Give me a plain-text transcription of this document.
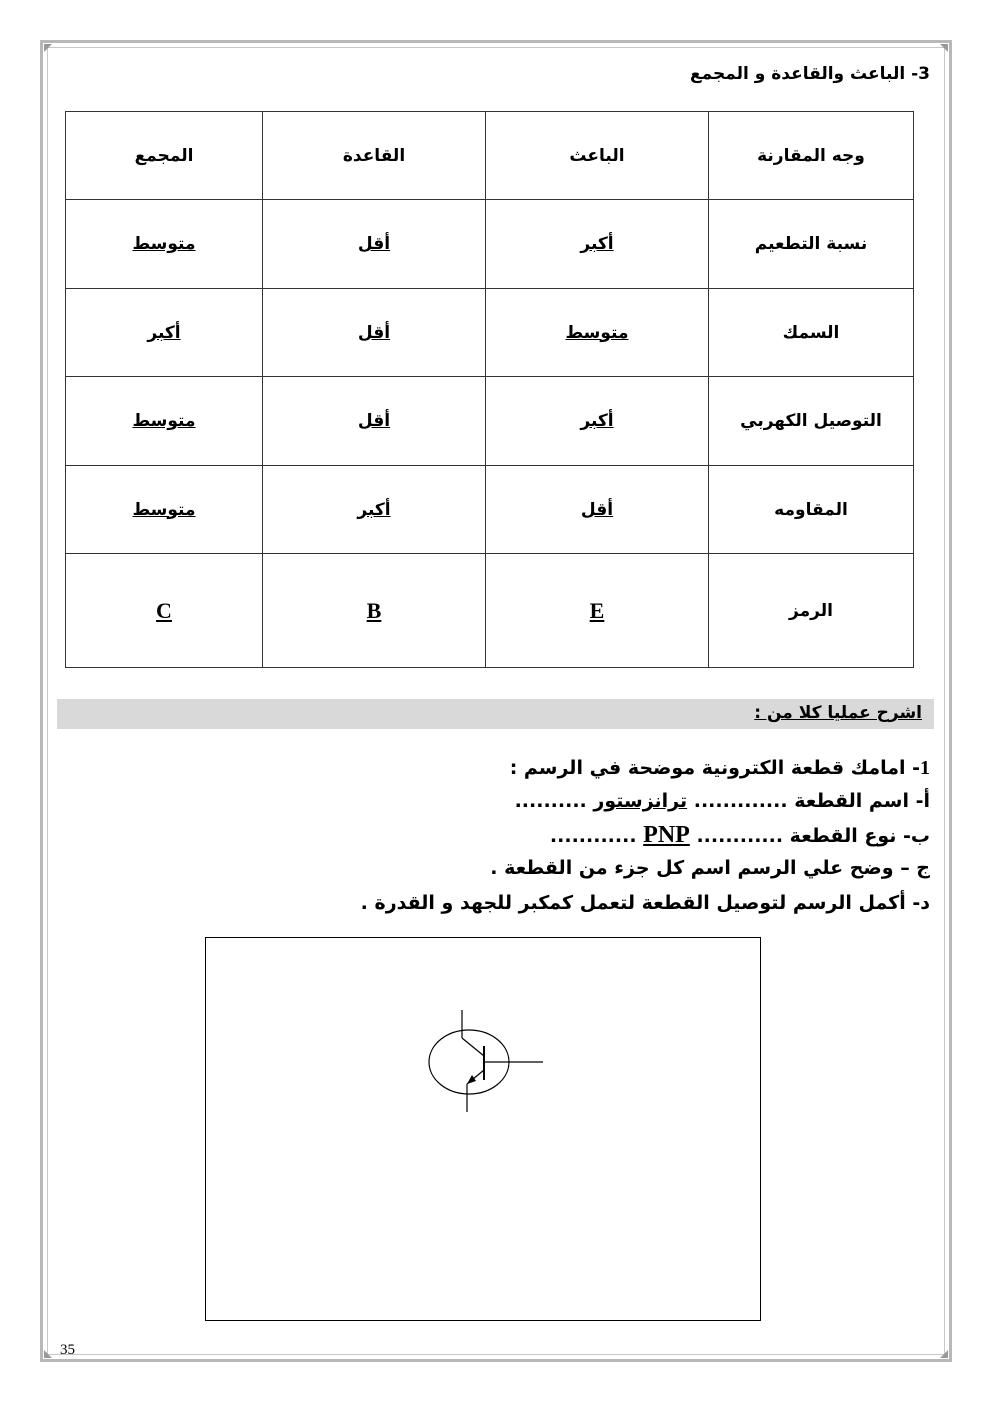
3- الباعث والقاعدة و المجمع
وجه المقارنة	الباعث	القاعدة	المجمع
نسبة التطعيم	أكبر	أقل	متوسط
السمك	متوسط	أقل	أكبر
التوصيل الكهربي	أكبر	أقل	متوسط
المقاومه	أقل	أكبر	متوسط
الرمز	E	B	C
اشرح عمليا كلا من :
1- امامك قطعة الكترونية موضحة في الرسم :
أ- اسم القطعة ............. ترانزستور ..........
ب- نوع القطعة ............ PNP ............
ج – وضح علي الرسم اسم كل جزء من القطعة .
د- أكمل الرسم لتوصيل القطعة لتعمل كمكبر للجهد و القدرة .
35
